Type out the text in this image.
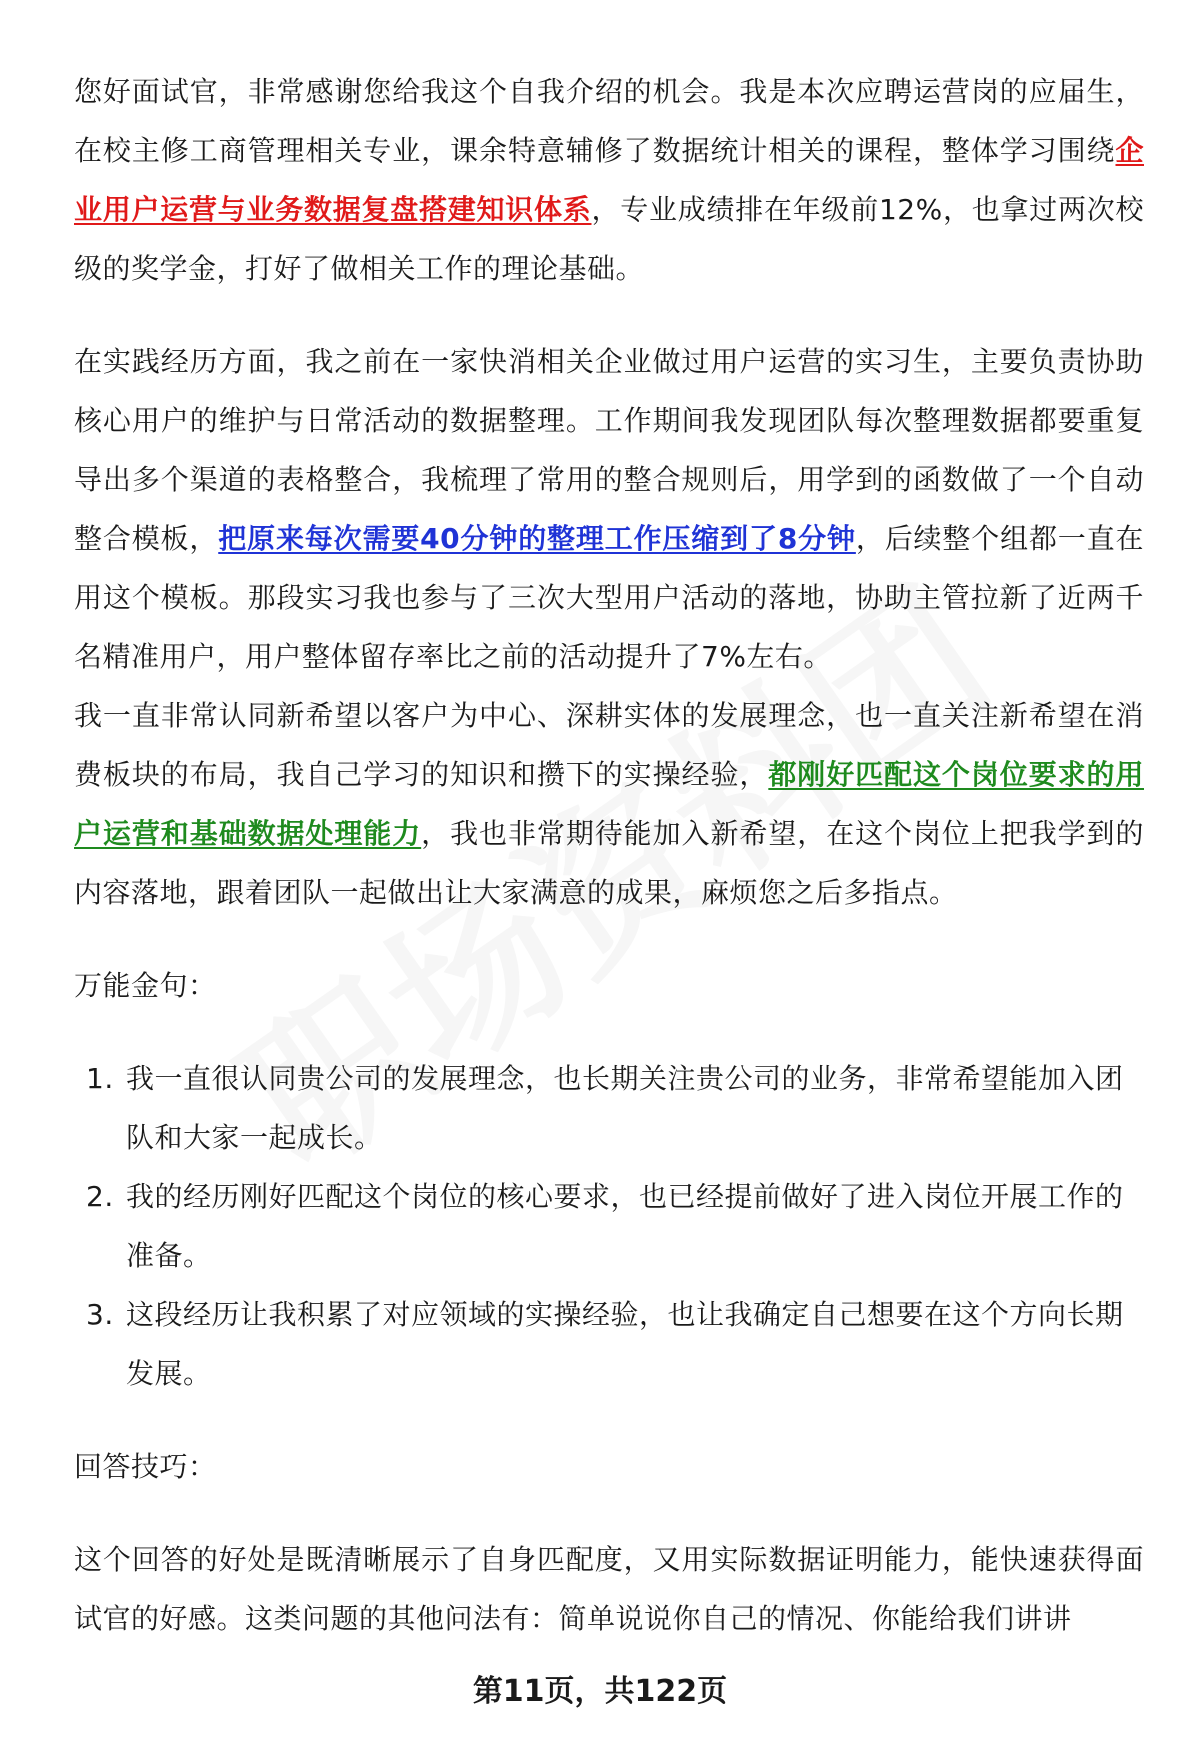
您好面试官，非常感谢您给我这个自我介绍的机会。我是本次应聘运营岗的应届生，在校主修工商管理相关专业，课余特意辅修了数据统计相关的课程，整体学习围绕企业用户运营与业务数据复盘搭建知识体系，专业成绩排在年级前12%，也拿过两次校级的奖学金，打好了做相关工作的理论基础。

在实践经历方面，我之前在一家快消相关企业做过用户运营的实习生，主要负责协助核心用户的维护与日常活动的数据整理。工作期间我发现团队每次整理数据都要重复导出多个渠道的表格整合，我梳理了常用的整合规则后，用学到的函数做了一个自动整合模板，把原来每次需要40分钟的整理工作压缩到了8分钟，后续整个组都一直在用这个模板。那段实习我也参与了三次大型用户活动的落地，协助主管拉新了近两千名精准用户，用户整体留存率比之前的活动提升了7%左右。

我一直非常认同新希望以客户为中心、深耕实体的发展理念，也一直关注新希望在消费板块的布局，我自己学习的知识和攒下的实操经验，都刚好匹配这个岗位要求的用户运营和基础数据处理能力，我也非常期待能加入新希望，在这个岗位上把我学到的内容落地，跟着团队一起做出让大家满意的成果，麻烦您之后多指点。

万能金句：

1. 我一直很认同贵公司的发展理念，也长期关注贵公司的业务，非常希望能加入团队和大家一起成长。
2. 我的经历刚好匹配这个岗位的核心要求，也已经提前做好了进入岗位开展工作的准备。
3. 这段经历让我积累了对应领域的实操经验，也让我确定自己想要在这个方向长期发展。

回答技巧：

这个回答的好处是既清晰展示了自身匹配度，又用实际数据证明能力，能快速获得面试官的好感。这类问题的其他问法有：简单说说你自己的情况、你能给我们讲讲

第11页，共122页
